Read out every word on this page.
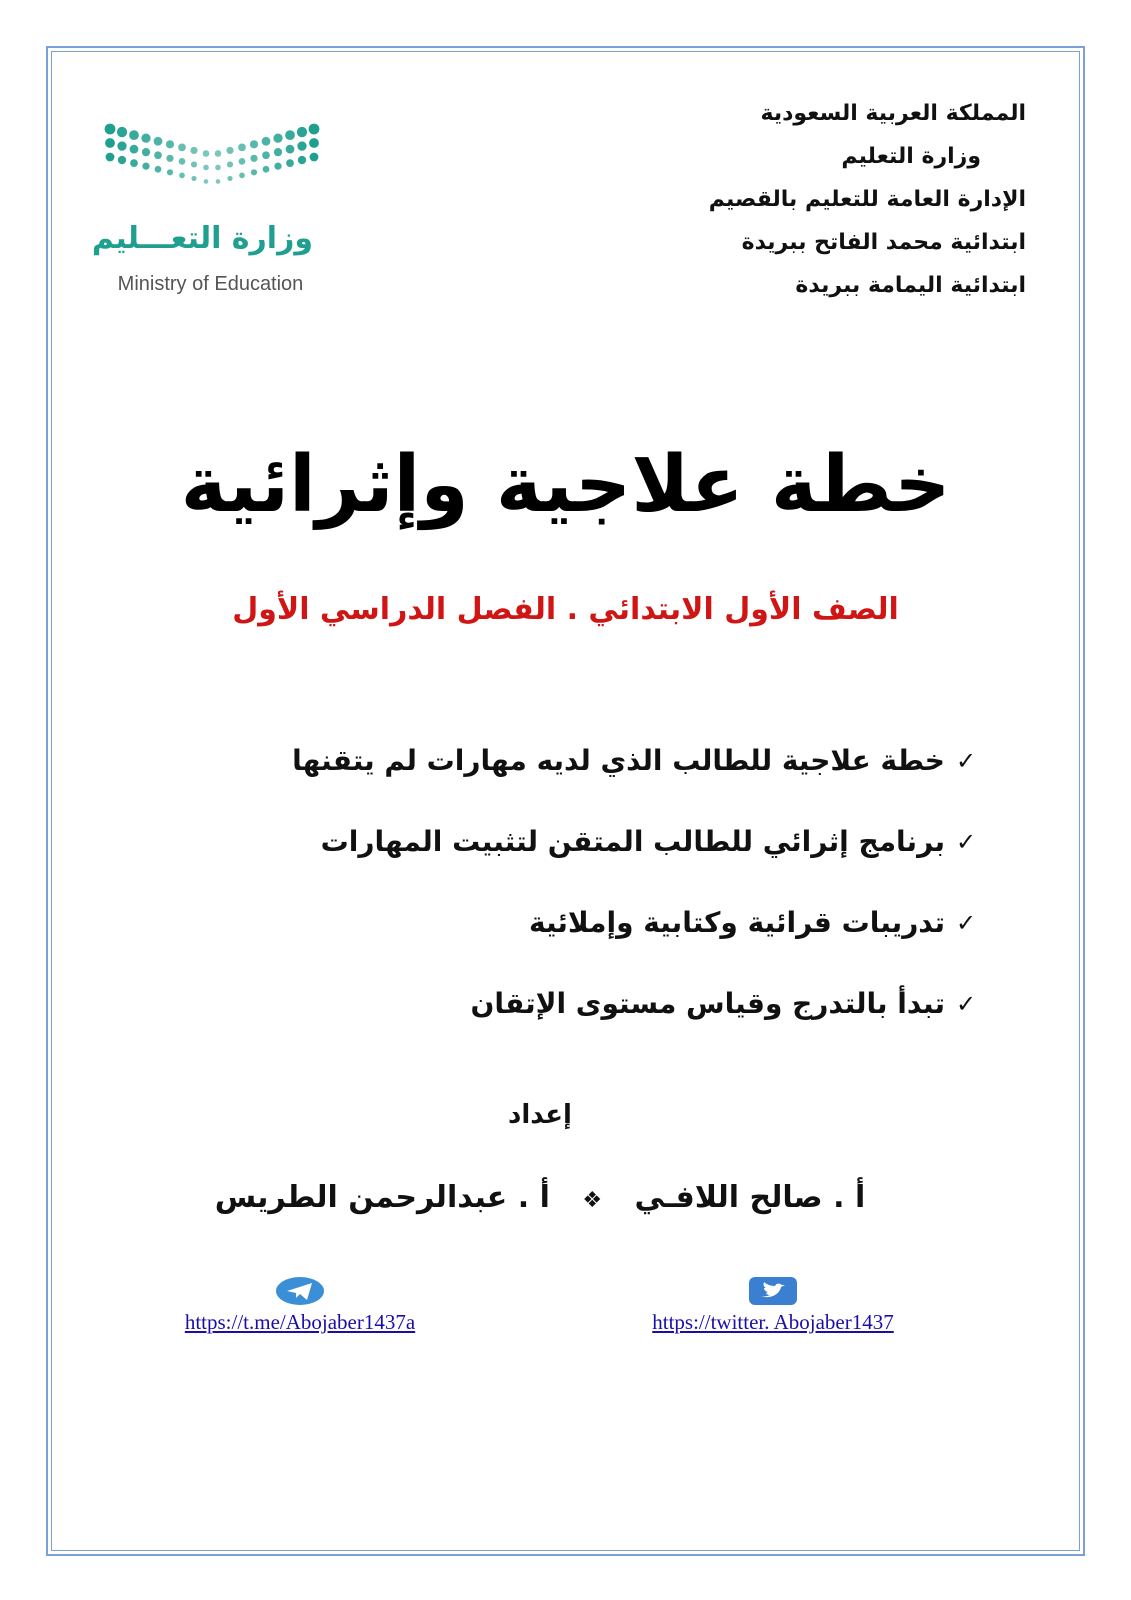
المملكة العربية السعودية
وزارة التعليم
الإدارة العامة للتعليم بالقصيم
ابتدائية محمد الفاتح ببريدة
ابتدائية اليمامة ببريدة
وزارة التعـــليم
Ministry of Education
خطة علاجية وإثرائية
الصف الأول الابتدائي . الفصل الدراسي الأول
✓
خطة علاجية للطالب الذي لديه مهارات لم يتقنها
✓
برنامج إثرائي للطالب المتقن لتثبيت المهارات
✓
تدريبات قرائية وكتابية وإملائية
✓
تبدأ بالتدرج وقياس مستوى الإتقان
إعداد
أ . صالح اللافـي ❖ أ . عبدالرحمن الطريس
https://t.me/Abojaber1437a	https://twitter. Abojaber1437
